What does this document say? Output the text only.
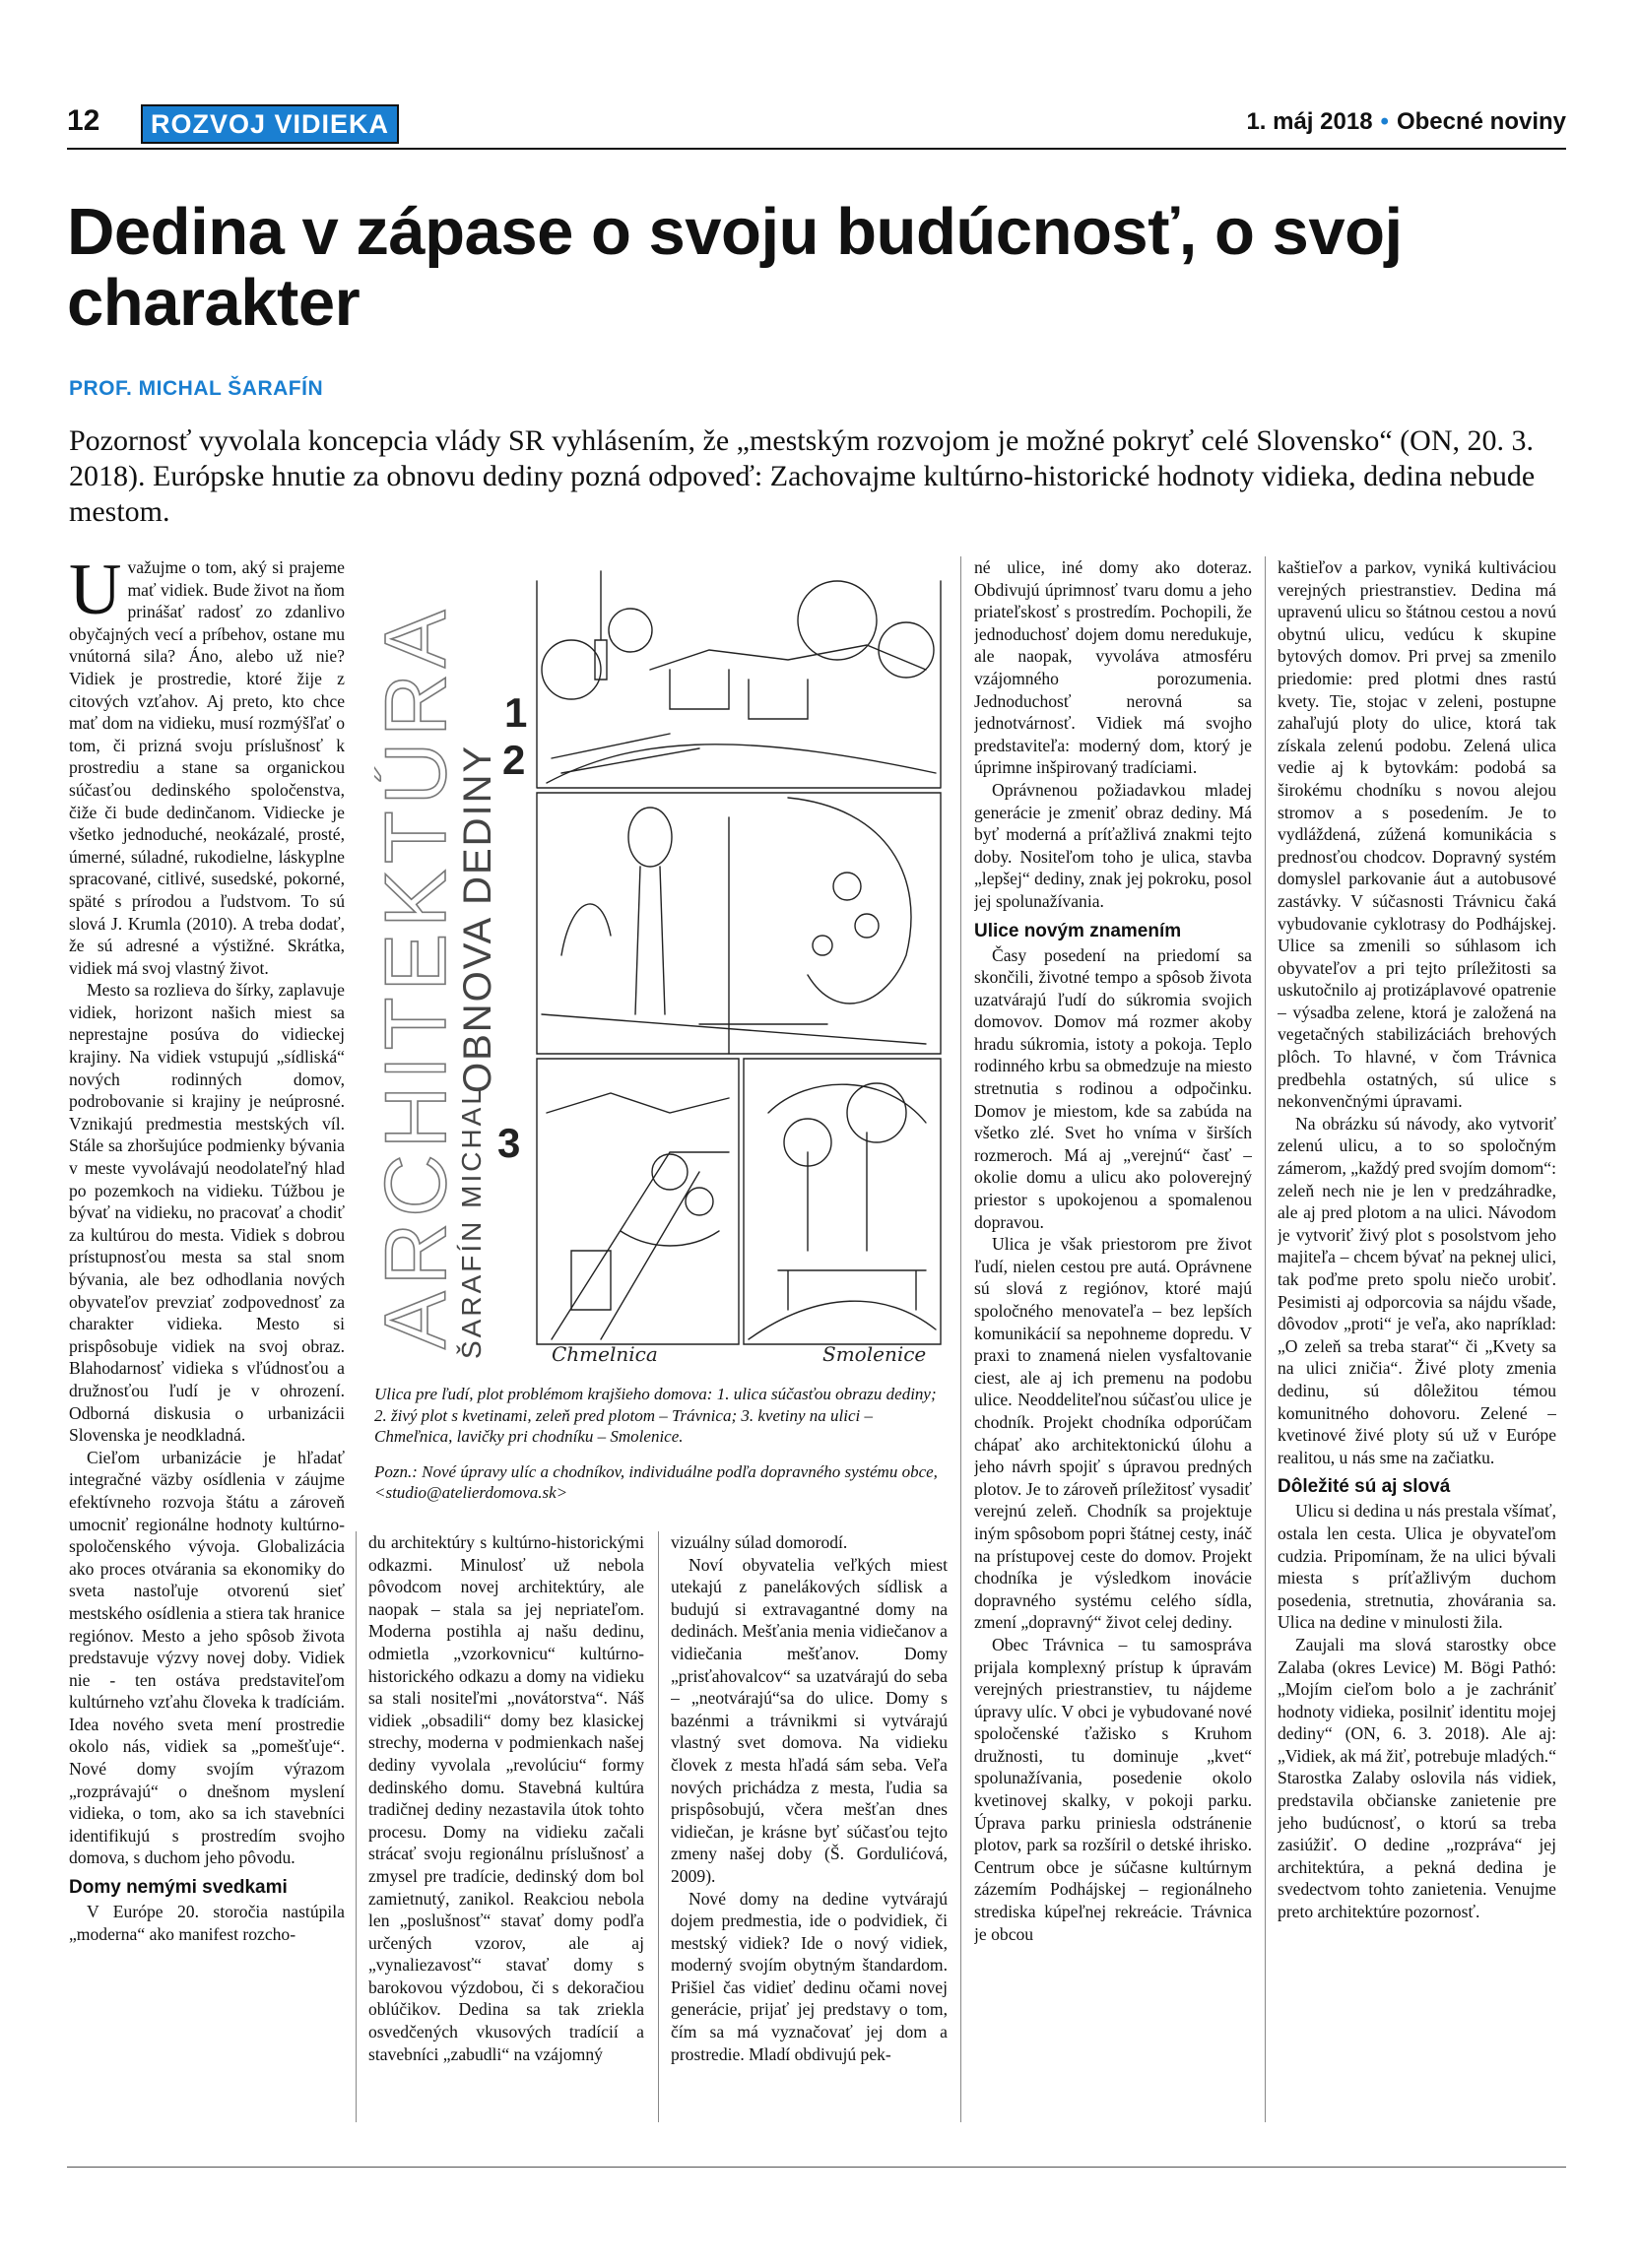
12	ROZVOJ VIDIEKA	1. máj 2018 • Obecné noviny
Dedina v zápase o svoju budúcnosť, o svoj charakter
PROF. MICHAL ŠARAFÍN

Pozornosť vyvolala koncepcia vlády SR vyhlásením, že „mestským rozvojom je možné pokryť celé Slovensko“ (ON, 20. 3. 2018). Európske hnutie za obnovu dediny pozná odpoveď: Zachovajme kultúrno-historické hodnoty vidieka, dedina nebude mestom.

Uvažujme o tom, aký si prajeme mať vidiek. Bude život na ňom prinášať radosť zo zdanlivo obyčajných vecí a príbehov, ostane mu vnútorná sila? Áno, alebo už nie? Vidiek je prostredie, ktoré žije z citových vzťahov. Aj preto, kto chce mať dom na vidieku, musí rozmýšľať o tom, či prizná svoju príslušnosť k prostrediu a stane sa organickou súčasťou dedinského spoločenstva, čiže či bude dedinčanom. Vidiecke je všetko jednoduché, neokázalé, prosté, úmerné, súladné, rukodielne, láskyplne spracované, citlivé, susedské, pokorné, späté s prírodou a ľudstvom. To sú slová J. Krumla (2010). A treba dodať, že sú adresné a výstižné. Skrátka, vidiek má svoj vlastný život.

Mesto sa rozlieva do šírky, zaplavuje vidiek, horizont našich miest sa neprestajne posúva do vidieckej krajiny. Na vidiek vstupujú „sídliská“ nových rodinných domov, podrobovanie si krajiny je neúprosné. Vznikajú predmestia mestských víl. Stále sa zhoršujúce podmienky bývania v meste vyvolávajú neodolateľný hlad po pozemkoch na vidieku. Túžbou je bývať na vidieku, no pracovať a chodiť za kultúrou do mesta. Vidiek s dobrou prístupnosťou mesta sa stal snom bývania, ale bez odhodlania nových obyvateľov prevziať zodpovednosť za charakter vidieka. Mesto si prispôsobuje vidiek na svoj obraz. Blahodarnosť vidieka s vľúdnosťou a družnosťou ľudí je v ohrození. Odborná diskusia o urbanizácii Slovenska je neodkladná.

Cieľom urbanizácie je hľadať integračné väzby osídlenia v záujme efektívneho rozvoja štátu a zároveň umocniť regionálne hodnoty kultúrno-spoločenského vývoja. Globalizácia ako proces otvárania sa ekonomiky do sveta nastoľuje otvorenú sieť mestského osídlenia a stiera tak hranice regiónov. Mesto a jeho spôsob života predstavuje výzvy novej doby. Vidiek nie - ten ostáva predstaviteľom kultúrneho vzťahu človeka k tradíciám. Idea nového sveta mení prostredie okolo nás, vidiek sa „pomešťuje“. Nové domy svojím výrazom „rozprávajú“ o dnešnom myslení vidieka, o tom, ako sa ich stavebníci identifikujú s prostredím svojho domova, s duchom jeho pôvodu.

Domy nemými svedkami

V Európe 20. storočia nastúpila „moderna“ ako manifest rozcho-

ARCHITEKTÚRA
OBNOVA DEDINY
ŠARAFÍN MICHAL
1
2
3
Chmelnica	Smolenice

Ulica pre ľudí, plot problémom krajšieho domova: 1. ulica súčasťou obrazu dediny; 2. živý plot s kvetinami, zeleň pred plotom – Trávnica; 3. kvetiny na ulici – Chmeľnica, lavičky pri chodníku – Smolenice.

Pozn.: Nové úpravy ulíc a chodníkov, individuálne podľa dopravného systému obce, <studio@atelierdomova.sk>

du architektúry s kultúrno-historickými odkazmi. Minulosť už nebola pôvodcom novej architektúry, ale naopak – stala sa jej nepriateľom. Moderna postihla aj našu dedinu, odmietla „vzorkovnicu“ kultúrno-historického odkazu a domy na vidieku sa stali nositeľmi „novátorstva“. Náš vidiek „obsadili“ domy bez klasickej strechy, moderna v podmienkach našej dediny vyvolala „revolúciu“ formy dedinského domu. Stavebná kultúra tradičnej dediny nezastavila útok tohto procesu. Domy na vidieku začali strácať svoju regionálnu príslušnosť a zmysel pre tradície, dedinský dom bol zamietnutý, zanikol. Reakciou nebola len „poslušnosť“ stavať domy podľa určených vzorov, ale aj „vynaliezavosť“ stavať domy s barokovou výzdobou, či s dekoračiou oblúčikov. Dedina sa tak zriekla osvedčených vkusových tradícií a stavebníci „zabudli“ na vzájomný

vizuálny súlad domorodí.

Noví obyvatelia veľkých miest utekajú z panelákových sídlisk a budujú si extravagantné domy na dedinách. Mešťania menia vidiečanov a vidiečania mešťanov. Domy „prisťahovalcov“ sa uzatvárajú do seba – „neotvárajú“sa do ulice. Domy s bazénmi a trávnikmi si vytvárajú vlastný svet domova. Na vidieku človek z mesta hľadá sám seba. Veľa nových prichádza z mesta, ľudia sa prispôsobujú, včera mešťan dnes vidiečan, je krásne byť súčasťou tejto zmeny našej doby (Š. Gordulićová, 2009).

Nové domy na dedine vytvárajú dojem predmestia, ide o podvidiek, či mestský vidiek? Ide o nový vidiek, moderný svojím obytným štandardom. Prišiel čas vidieť dedinu očami novej generácie, prijať jej predstavy o tom, čím sa má vyznačovať jej dom a prostredie. Mladí obdivujú pek-

né ulice, iné domy ako doteraz. Obdivujú úprimnosť tvaru domu a jeho priateľskosť s prostredím. Pochopili, že jednoduchosť dojem domu neredukuje, ale naopak, vyvoláva atmosféru vzájomného porozumenia. Jednoduchosť nerovná sa jednotvárnosť. Vidiek má svojho predstaviteľa: moderný dom, ktorý je úprimne inšpirovaný tradíciami.

Oprávnenou požiadavkou mladej generácie je zmeniť obraz dediny. Má byť moderná a príťažlivá znakmi tejto doby. Nositeľom toho je ulica, stavba „lepšej“ dediny, znak jej pokroku, posol jej spolunažívania.

Ulice novým znamením

Časy posedení na priedomí sa skončili, životné tempo a spôsob života uzatvárajú ľudí do súkromia svojich domovov. Domov má rozmer akoby hradu súkromia, istoty a pokoja. Teplo rodinného krbu sa obmedzuje na miesto stretnutia s rodinou a odpočinku. Domov je miestom, kde sa zabúda na všetko zlé. Svet ho vníma v širších rozmeroch. Má aj „verejnú“ časť – okolie domu a ulicu ako poloverejný priestor s upokojenou a spomalenou dopravou.

Ulica je však priestorom pre život ľudí, nielen cestou pre autá. Oprávnene sú slová z regiónov, ktoré majú spoločného menovateľa – bez lepších komunikácií sa nepohneme dopredu. V praxi to znamená nielen vysfaltovanie ciest, ale aj ich premenu na podobu ulice. Neoddeliteľnou súčasťou ulice je chodník. Projekt chodníka odporúčam chápať ako architektonickú úlohu a jeho návrh spojiť s úpravou predných plotov. Je to zároveň príležitosť vysadiť verejnú zeleň. Chodník sa projektuje iným spôsobom popri štátnej cesty, ináč na prístupovej ceste do domov. Projekt chodníka je výsledkom inovácie dopravného systému celého sídla, zmení „dopravný“ život celej dediny.

Obec Trávnica – tu samospráva prijala komplexný prístup k úpravám verejných priestranstiev, tu nájdeme úpravy ulíc. V obci je vybudované nové spoločenské ťažisko s Kruhom družnosti, tu dominuje „kvet“ spolunažívania, posedenie okolo kvetinovej skalky, v pokoji parku. Úprava parku priniesla odstránenie plotov, park sa rozšíril o detské ihrisko. Centrum obce je súčasne kultúrnym zázemím Podhájskej – regionálneho strediska kúpeľnej rekreácie. Trávnica je obcou

kaštieľov a parkov, vyniká kultiváciou verejných priestranstiev. Dedina má upravenú ulicu so štátnou cestou a novú obytnú ulicu, vedúcu k skupine bytových domov. Pri prvej sa zmenilo priedomie: pred plotmi dnes rastú kvety. Tie, stojac v zeleni, postupne zahaľujú ploty do ulice, ktorá tak získala zelenú podobu. Zelená ulica vedie aj k bytovkám: podobá sa širokému chodníku s novou alejou stromov a s posedením. Je to vydláždená, zúžená komunikácia s prednosťou chodcov. Dopravný systém domyslel parkovanie áut a autobusové zastávky. V súčasnosti Trávnicu čaká vybudovanie cyklotrasy do Podhájskej. Ulice sa zmenili so súhlasom ich obyvateľov a pri tejto príležitosti sa uskutočnilo aj protizáplavové opatrenie – výsadba zelene, ktorá je založená na vegetačných stabilizáciách brehových plôch. To hlavné, v čom Trávnica predbehla ostatných, sú ulice s nekonvenčnými úpravami.

Na obrázku sú návody, ako vytvoriť zelenú ulicu, a to so spoločným zámerom, „každý pred svojím domom“: zeleň nech nie je len v predzáhradke, ale aj pred plotom a na ulici. Návodom je vytvoriť živý plot s posolstvom jeho majiteľa – chcem bývať na peknej ulici, tak poďme preto spolu niečo urobiť. Pesimisti aj odporcovia sa nájdu všade, dôvodov „proti“ je veľa, ako napríklad: „O zeleň sa treba starať“ či „Kvety sa na ulici zničia“. Živé ploty zmenia dedinu, sú dôležitou témou komunitného dohovoru. Zelené – kvetinové živé ploty sú už v Európe realitou, u nás sme na začiatku.

Dôležité sú aj slová

Ulicu si dedina u nás prestala všímať, ostala len cesta. Ulica je obyvateľom cudzia. Pripomínam, že na ulici bývali miesta s príťažlivým duchom posedenia, stretnutia, zhovárania sa. Ulica na dedine v minulosti žila.

Zaujali ma slová starostky obce Zalaba (okres Levice) M. Bögi Pathó: „Mojím cieľom bolo a je zachrániť hodnoty vidieka, posilniť identitu mojej dediny“ (ON, 6. 3. 2018). Ale aj: „Vidiek, ak má žiť, potrebuje mladých.“ Starostka Zalaby oslovila nás vidiek, predstavila občianske zanietenie pre jeho budúcnosť, o ktorú sa treba zasiúžiť. O dedine „rozpráva“ jej architektúra, a pekná dedina je svedectvom tohto zanietenia. Venujme preto architektúre pozornosť.
